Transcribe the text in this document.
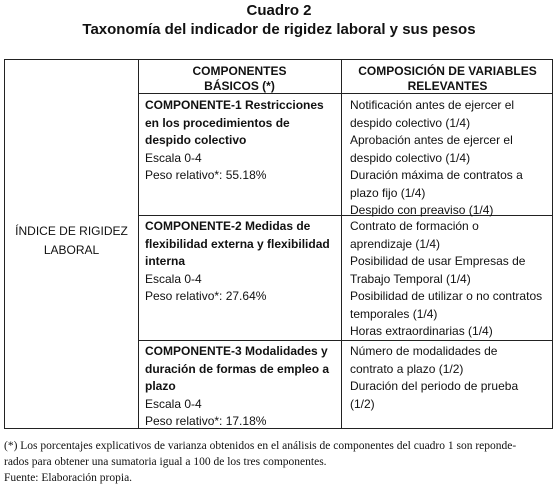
Cuadro 2
Taxonomía del indicador de rigidez laboral y sus pesos
ÍNDICE DE RIGIDEZ
LABORAL
COMPONENTES
BÁSICOS (*)
COMPOSICIÓN DE VARIABLES
RELEVANTES
COMPONENTE-1 Restricciones
en los procedimientos de
despido colectivo
Escala 0-4
Peso relativo*: 55.18%
Notificación antes de ejercer el
despido colectivo (1/4)
Aprobación antes de ejercer el
despido colectivo (1/4)
Duración máxima de contratos a
plazo fijo (1/4)
Despido con preaviso (1/4)
COMPONENTE-2 Medidas de
flexibilidad externa y flexibilidad
interna
Escala 0-4
Peso relativo*: 27.64%
Contrato de formación o
aprendizaje (1/4)
Posibilidad de usar Empresas de
Trabajo Temporal (1/4)
Posibilidad de utilizar o no contratos
temporales (1/4)
Horas extraordinarias (1/4)
COMPONENTE-3 Modalidades y
duración de formas de empleo a
plazo
Escala 0-4
Peso relativo*: 17.18%
Número de modalidades de
contrato a plazo (1/2)
Duración del periodo de prueba
(1/2)
(*) Los porcentajes explicativos de varianza obtenidos en el análisis de componentes del cuadro 1 son reponde-
rados para obtener una sumatoria igual a 100 de los tres componentes.
Fuente: Elaboración propia.
